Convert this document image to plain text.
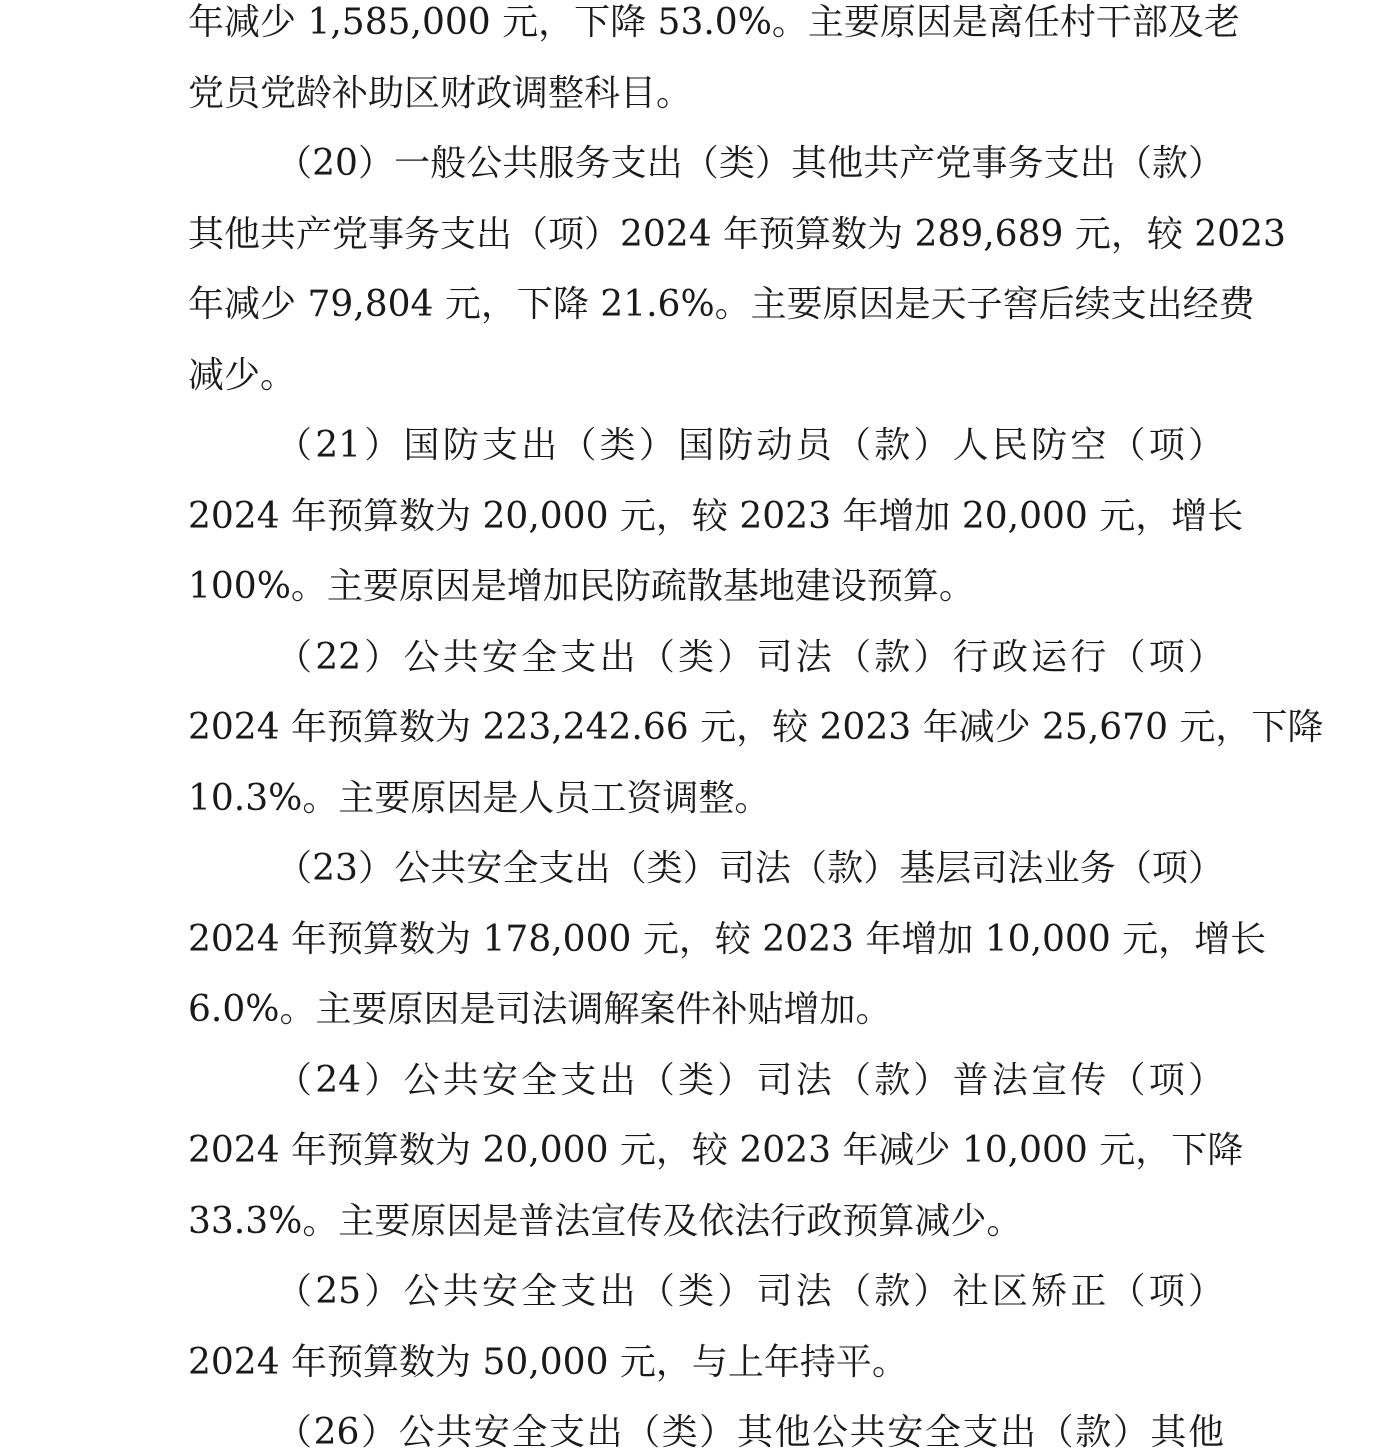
年减少 1,585,000 元，下降 53.0%。主要原因是离任村干部及老
党员党龄补助区财政调整科目。
（20）一般公共服务支出（类）其他共产党事务支出（款）
其他共产党事务支出（项）2024 年预算数为 289,689 元，较 2023
年减少 79,804 元，下降 21.6%。主要原因是天子窖后续支出经费
减少。
（21）国防支出（类）国防动员（款）人民防空（项）
2024 年预算数为 20,000 元，较 2023 年增加 20,000 元，增长
100%。主要原因是增加民防疏散基地建设预算。
（22）公共安全支出（类）司法（款）行政运行（项）
2024 年预算数为 223,242.66 元，较 2023 年减少 25,670 元，下降
10.3%。主要原因是人员工资调整。
（23）公共安全支出（类）司法（款）基层司法业务（项）
2024 年预算数为 178,000 元，较 2023 年增加 10,000 元，增长
6.0%。主要原因是司法调解案件补贴增加。
（24）公共安全支出（类）司法（款）普法宣传（项）
2024 年预算数为 20,000 元，较 2023 年减少 10,000 元，下降
33.3%。主要原因是普法宣传及依法行政预算减少。
（25）公共安全支出（类）司法（款）社区矫正（项）
2024 年预算数为 50,000 元，与上年持平。
（26）公共安全支出（类）其他公共安全支出（款）其他
